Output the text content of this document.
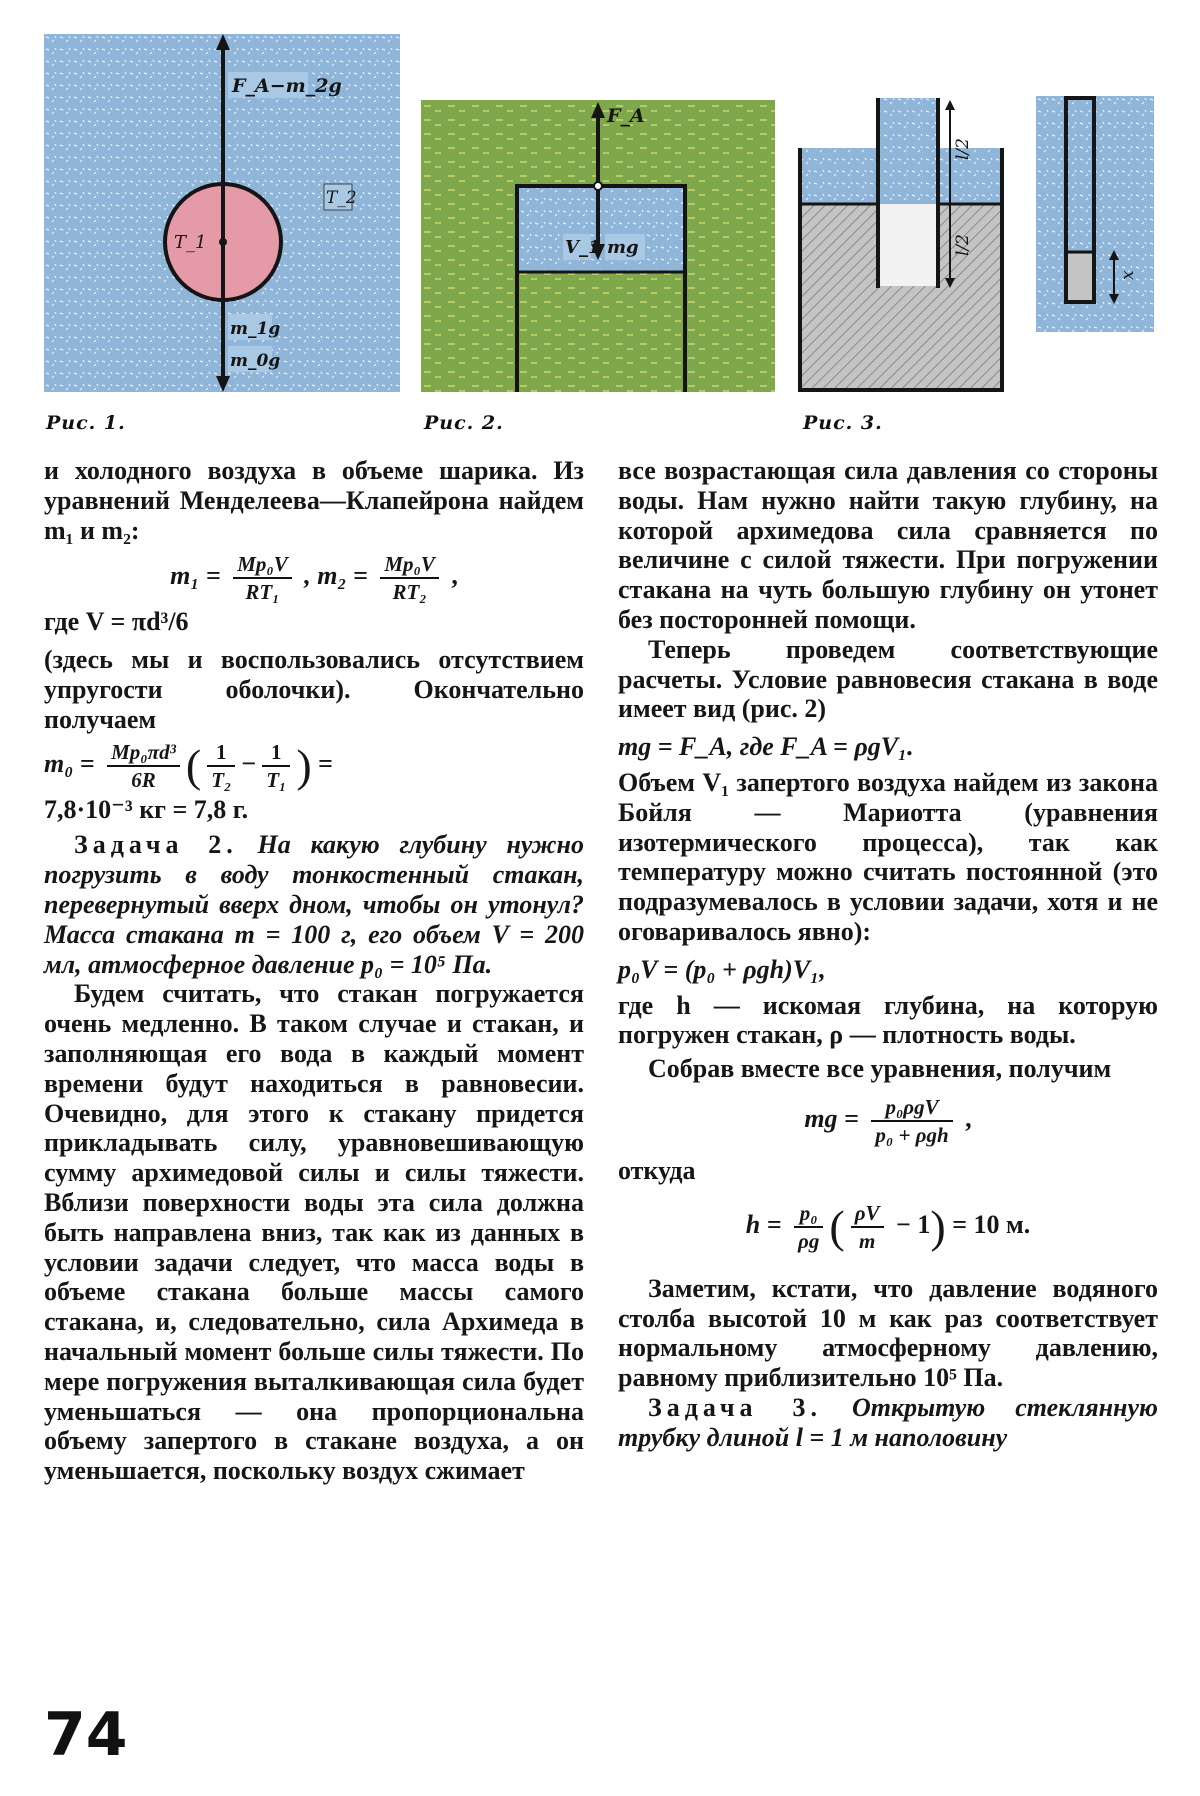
F_A−m_2g
T_2
T_1
m_1g
m_0g
F_A
V_1 mg
l/2
l/2
x
Рис. 1.	Рис. 2.	Рис. 3.

и холодного воздуха в объеме шарика. Из уравнений Менделеева—Клапейрона найдем m₁ и m₂:

$m_1 = \frac{\text{Mp₀V}}{\text{RT₁}}$ , $m_2 = \frac{\text{Mp₀V}}{\text{RT₂}}$ ,

где V = πd³/6

(здесь мы и воспользовались отсутствием упругости оболочки). Окончательно получаем

$m_0 = \frac{\text{Mp₀πd³}}{6R}$ ( $\frac{1}{\text{T₂}} - \frac{1}{\text{T₁}}$ ) =

7,8·10⁻³ кг = 7,8 г.

Задача 2. На какую глубину нужно погрузить в воду тонкостенный стакан, перевернутый вверх дном, чтобы он утонул? Масса стакана m = 100 г, его объем V = 200 мл, атмосферное давление p₀ = 10⁵ Па.

Будем считать, что стакан погружается очень медленно. В таком случае и стакан, и заполняющая его вода в каждый момент времени будут находиться в равновесии. Очевидно, для этого к стакану придется прикладывать силу, уравновешивающую сумму архимедовой силы и силы тяжести. Вблизи поверхности воды эта сила должна быть направлена вниз, так как из данных в условии задачи следует, что масса воды в объеме стакана больше массы самого стакана, и, следовательно, сила Архимеда в начальный момент больше силы тяжести. По мере погружения выталкивающая сила будет уменьшаться — она пропорциональна объему запертого в стакане воздуха, а он уменьшается, поскольку воздух сжимает

все возрастающая сила давления со стороны воды. Нам нужно найти такую глубину, на которой архимедова сила сравняется по величине с силой тяжести. При погружении стакана на чуть большую глубину он утонет без посторонней помощи.

Теперь проведем соответствующие расчеты. Условие равновесия стакана в воде имеет вид (рис. 2)

mg = F_A, где F_A = ρgV₁.

Объем V₁ запертого воздуха найдем из закона Бойля — Мариотта (уравнения изотермического процесса), так как температуру можно считать постоянной (это подразумевалось в условии задачи, хотя и не оговаривалось явно):

p₀V = (p₀ + ρgh)V₁,

где h — искомая глубина, на которую погружен стакан, ρ — плотность воды.

Собрав вместе все уравнения, получим

mg = $\frac{\text{p₀ρgV}}{\text{p₀ + ρgh}}$ ,

откуда

$h = \frac{\text{p₀}}{\rho g}$ ( $\frac{\rho V}{m} - 1) = 10$ м.

Заметим, кстати, что давление водяного столба высотой 10 м как раз соответствует нормальному атмосферному давлению, равному приблизительно 10⁵ Па.

Задача 3. Открытую стеклянную трубку длиной l = 1 м наполовину

74
